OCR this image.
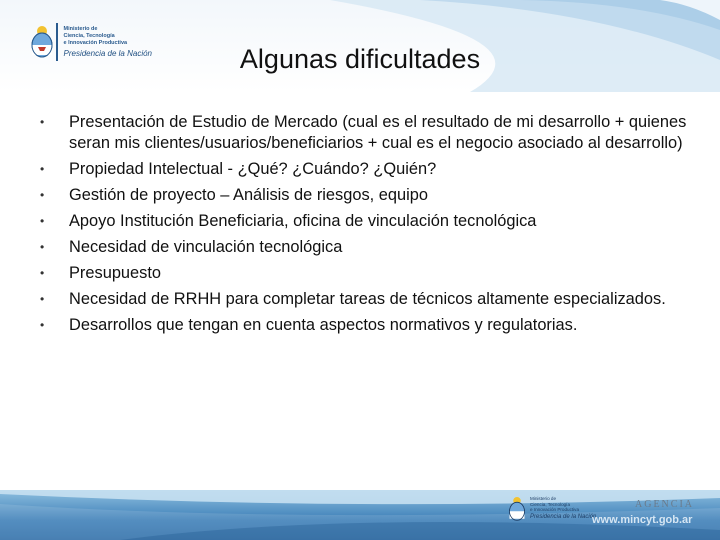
Ministerio de
Ciencia, Tecnología
e Innovación Productiva
Presidencia de la Nación	Algunas dificultades
• Presentación de Estudio de Mercado (cual es el resultado de mi desarrollo + quienes seran mis clientes/usuarios/beneficiarios + cual es el negocio asociado al desarrollo)
• Propiedad Intelectual - ¿Qué? ¿Cuándo? ¿Quién?
• Gestión de proyecto – Análisis de riesgos, equipo
• Apoyo Institución Beneficiaria, oficina de vinculación tecnológica
• Necesidad de vinculación tecnológica
• Presupuesto
• Necesidad de RRHH para completar tareas de técnicos altamente especializados.
• Desarrollos que tengan en cuenta aspectos normativos y regulatorias.
Ministerio de
Ciencia, Tecnología
e Innovación Productiva
Presidencia de la Nación
AGENCIA
www.mincyt.gob.ar
